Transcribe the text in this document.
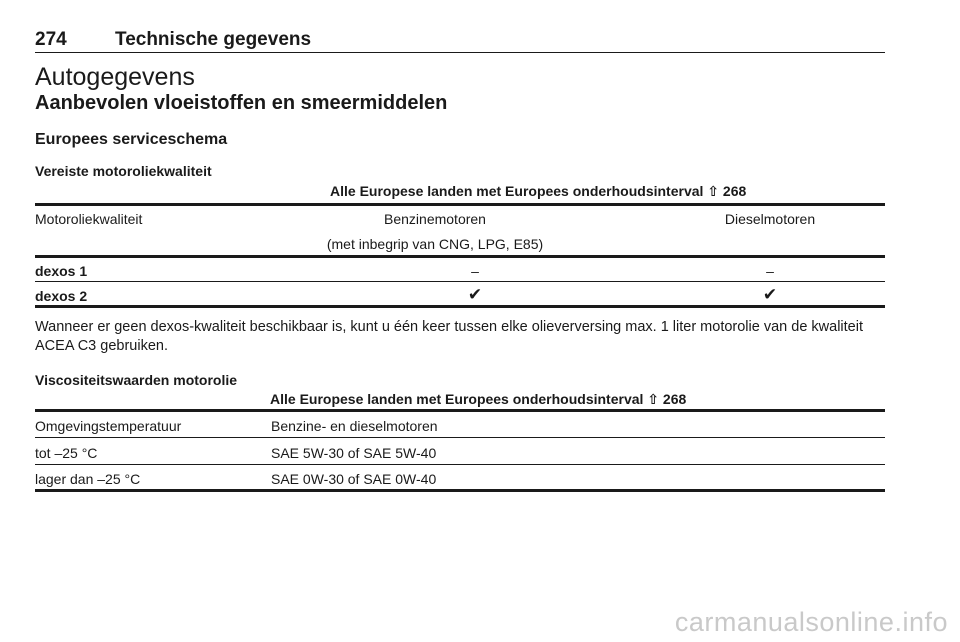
274	Technische gegevens
Autogegevens
Aanbevolen vloeistoffen en smeermiddelen
Europees serviceschema
Vereiste motoroliekwaliteit
Alle Europese landen met Europees onderhoudsinterval ⇧ 268
Motoroliekwaliteit	Benzinemotoren	Dieselmotoren
(met inbegrip van CNG, LPG, E85)
dexos 1	–	–
dexos 2	✔	✔
Wanneer er geen dexos-kwaliteit beschikbaar is, kunt u één keer tussen elke olieverversing max. 1 liter motorolie van de kwaliteit ACEA C3 gebruiken.
Viscositeitswaarden motorolie
Alle Europese landen met Europees onderhoudsinterval ⇧ 268
Omgevingstemperatuur	Benzine- en dieselmotoren
tot –25 °C	SAE 5W-30 of SAE 5W-40
lager dan –25 °C	SAE 0W-30 of SAE 0W-40
carmanualsonline.info
